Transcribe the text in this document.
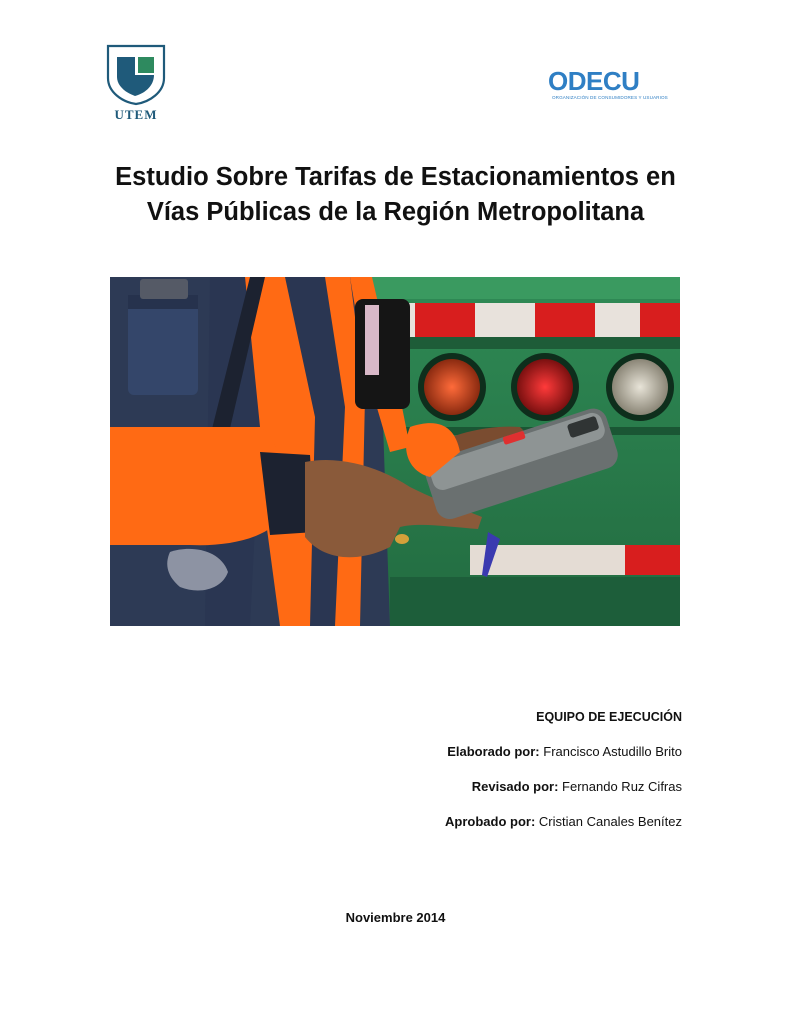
UTEM
ODECU
ORGANIZACIÓN DE CONSUMIDORES Y USUARIOS
Estudio Sobre Tarifas de Estacionamientos en
Vías Públicas de la Región Metropolitana
EQUIPO DE EJECUCIÓN
Elaborado por: Francisco Astudillo Brito
Revisado por: Fernando Ruz Cifras
Aprobado por: Cristian Canales Benítez
Noviembre 2014
